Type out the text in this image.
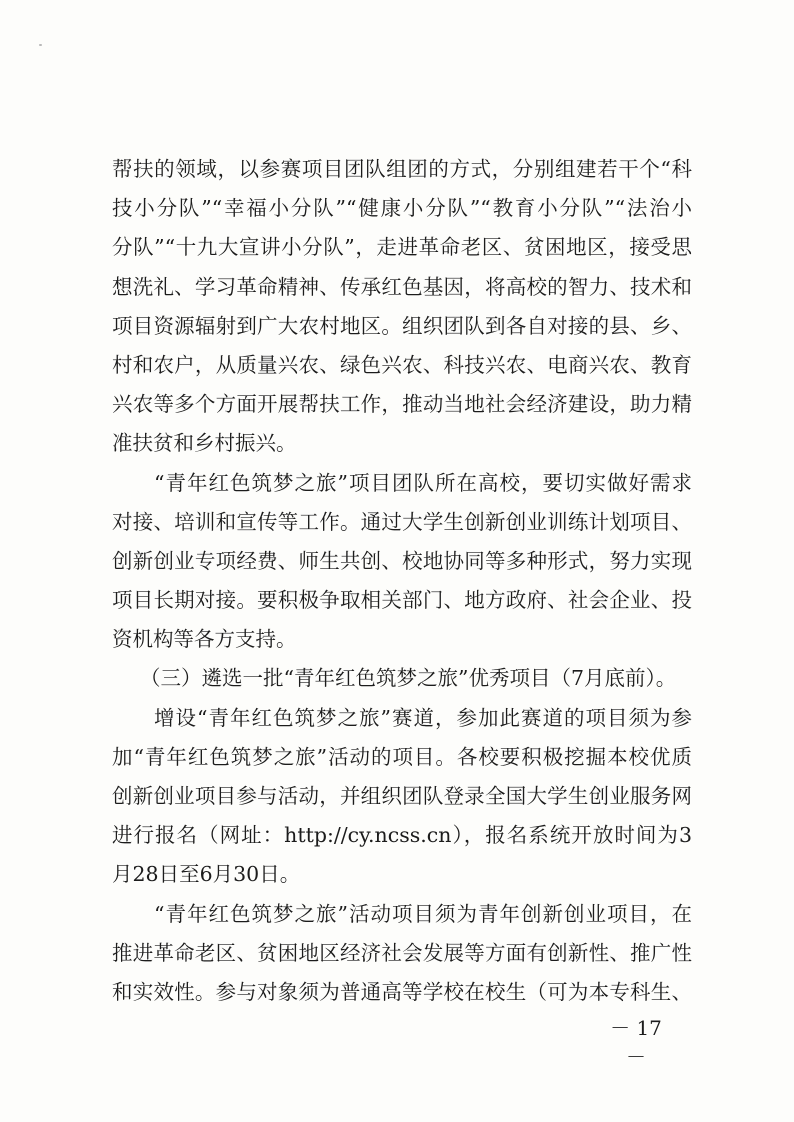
帮扶的领域，以参赛项目团队组团的方式，分别组建若干个“科
技小分队”“幸福小分队”“健康小分队”“教育小分队”“法治小
分队”“十九大宣讲小分队”，走进革命老区、贫困地区，接受思
想洗礼、学习革命精神、传承红色基因，将高校的智力、技术和
项目资源辐射到广大农村地区。组织团队到各自对接的县、乡、
村和农户，从质量兴农、绿色兴农、科技兴农、电商兴农、教育
兴农等多个方面开展帮扶工作，推动当地社会经济建设，助力精
准扶贫和乡村振兴。
“青年红色筑梦之旅”项目团队所在高校，要切实做好需求
对接、培训和宣传等工作。通过大学生创新创业训练计划项目、
创新创业专项经费、师生共创、校地协同等多种形式，努力实现
项目长期对接。要积极争取相关部门、地方政府、社会企业、投
资机构等各方支持。
（三）遴选一批“青年红色筑梦之旅”优秀项目（7月底前）。
增设“青年红色筑梦之旅”赛道，参加此赛道的项目须为参
加“青年红色筑梦之旅”活动的项目。各校要积极挖掘本校优质
创新创业项目参与活动，并组织团队登录全国大学生创业服务网
进行报名（网址：http://cy.ncss.cn），报名系统开放时间为3
月28日至6月30日。
“青年红色筑梦之旅”活动项目须为青年创新创业项目，在
推进革命老区、贫困地区经济社会发展等方面有创新性、推广性
和实效性。参与对象须为普通高等学校在校生（可为本专科生、
－ 17 －
